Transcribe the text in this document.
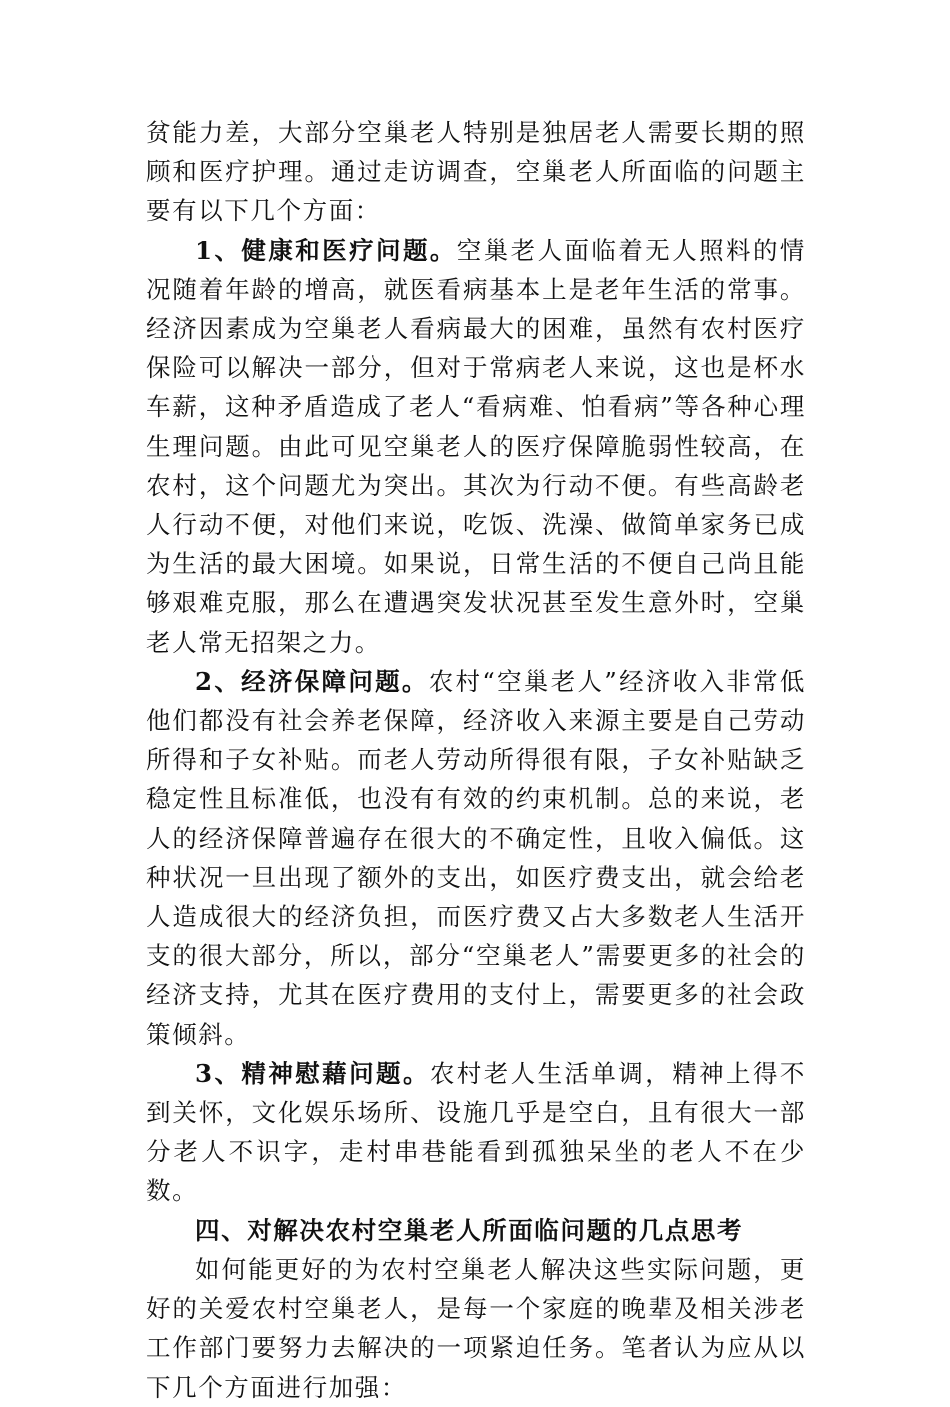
贫能力差，大部分空巢老人特别是独居老人需要长期的照顾和医疗护理。通过走访调查，空巢老人所面临的问题主要有以下几个方面：

1、健康和医疗问题。空巢老人面临着无人照料的情况随着年龄的增高，就医看病基本上是老年生活的常事。经济因素成为空巢老人看病最大的困难，虽然有农村医疗保险可以解决一部分，但对于常病老人来说，这也是杯水车薪，这种矛盾造成了老人“看病难、怕看病”等各种心理生理问题。由此可见空巢老人的医疗保障脆弱性较高，在农村，这个问题尤为突出。其次为行动不便。有些高龄老人行动不便，对他们来说，吃饭、洗澡、做简单家务已成为生活的最大困境。如果说，日常生活的不便自己尚且能够艰难克服，那么在遭遇突发状况甚至发生意外时，空巢老人常无招架之力。

2、经济保障问题。农村“空巢老人”经济收入非常低他们都没有社会养老保障，经济收入来源主要是自己劳动所得和子女补贴。而老人劳动所得很有限，子女补贴缺乏稳定性且标准低，也没有有效的约束机制。总的来说，老人的经济保障普遍存在很大的不确定性，且收入偏低。这种状况一旦出现了额外的支出，如医疗费支出，就会给老人造成很大的经济负担，而医疗费又占大多数老人生活开支的很大部分，所以，部分“空巢老人”需要更多的社会的经济支持，尤其在医疗费用的支付上，需要更多的社会政策倾斜。

3、精神慰藉问题。农村老人生活单调，精神上得不到关怀，文化娱乐场所、设施几乎是空白，且有很大一部分老人不识字，走村串巷能看到孤独呆坐的老人不在少数。

四、对解决农村空巢老人所面临问题的几点思考

如何能更好的为农村空巢老人解决这些实际问题，更好的关爱农村空巢老人，是每一个家庭的晚辈及相关涉老工作部门要努力去解决的一项紧迫任务。笔者认为应从以下几个方面进行加强：
